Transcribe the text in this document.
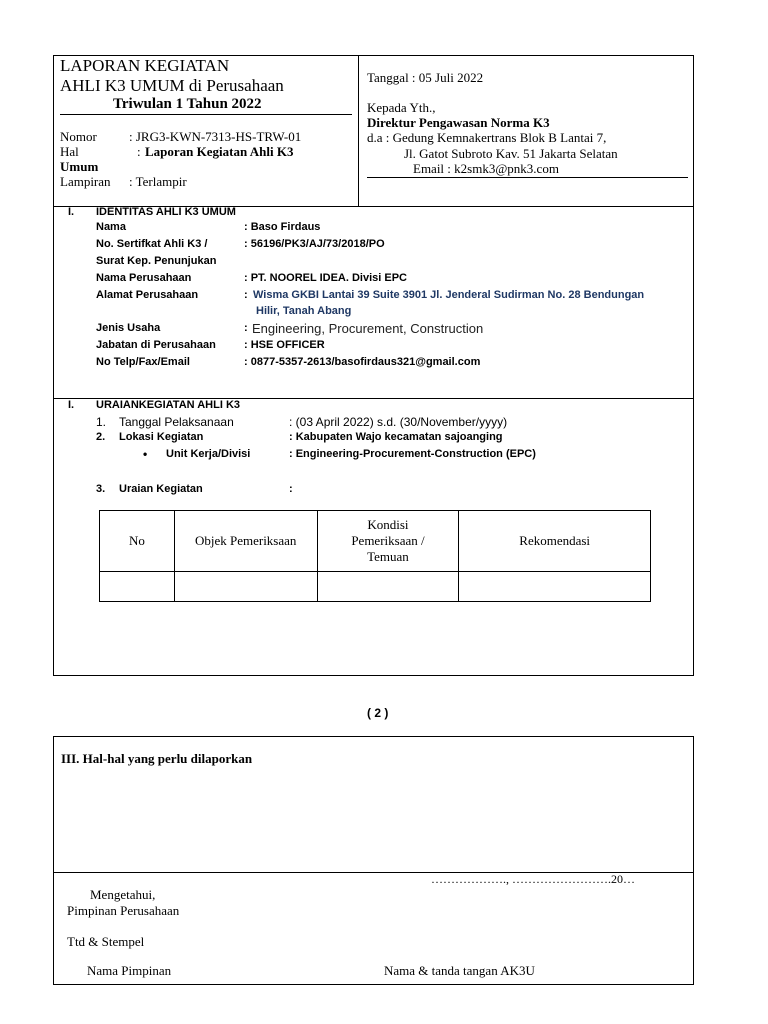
LAPORAN KEGIATAN
AHLI K3 UMUM di Perusahaan
Triwulan 1 Tahun 2022
Nomor : JRG3-KWN-7313-HS-TRW-01
Hal	: Laporan Kegiatan Ahli K3
Umum
Lampiran : Terlampir
Tanggal : 05 Juli 2022
Kepada Yth.,
Direktur Pengawasan Norma K3
d.a : Gedung Kemnakertrans Blok B Lantai 7,
Jl. Gatot Subroto Kav. 51 Jakarta Selatan
Email : k2smk3@pnk3.com
I. IDENTITAS AHLI K3 UMUM
Nama	: Baso Firdaus
No. Sertifkat Ahli K3 /	: 56196/PK3/AJ/73/2018/PO
Surat Kep. Penunjukan
Nama Perusahaan	: PT. NOOREL IDEA. Divisi EPC
Alamat Perusahaan	: Wisma GKBI Lantai 39 Suite 3901 Jl. Jenderal Sudirman No. 28 Bendungan
Hilir, Tanah Abang
Jenis Usaha	: Engineering, Procurement, Construction
Jabatan di Perusahaan	: HSE OFFICER
No Telp/Fax/Email	: 0877-5357-2613/basofirdaus321@gmail.com
I. URAIANKEGIATAN AHLI K3
1. Tanggal Pelaksanaan	: (03 April 2022) s.d. (30/November/yyyy)
2. Lokasi Kegiatan	: Kabupaten Wajo kecamatan sajoanging
• Unit Kerja/Divisi	: Engineering-Procurement-Construction (EPC)
3. Uraian Kegiatan	:
No	Objek Pemeriksaan	Kondisi
Pemeriksaan /
Temuan	Rekomendasi

( 2 )
III. Hal-hal yang perlu dilaporkan
………………., …………………….20…
Mengetahui,
Pimpinan Perusahaan
Ttd & Stempel
Nama Pimpinan	Nama & tanda tangan AK3U
